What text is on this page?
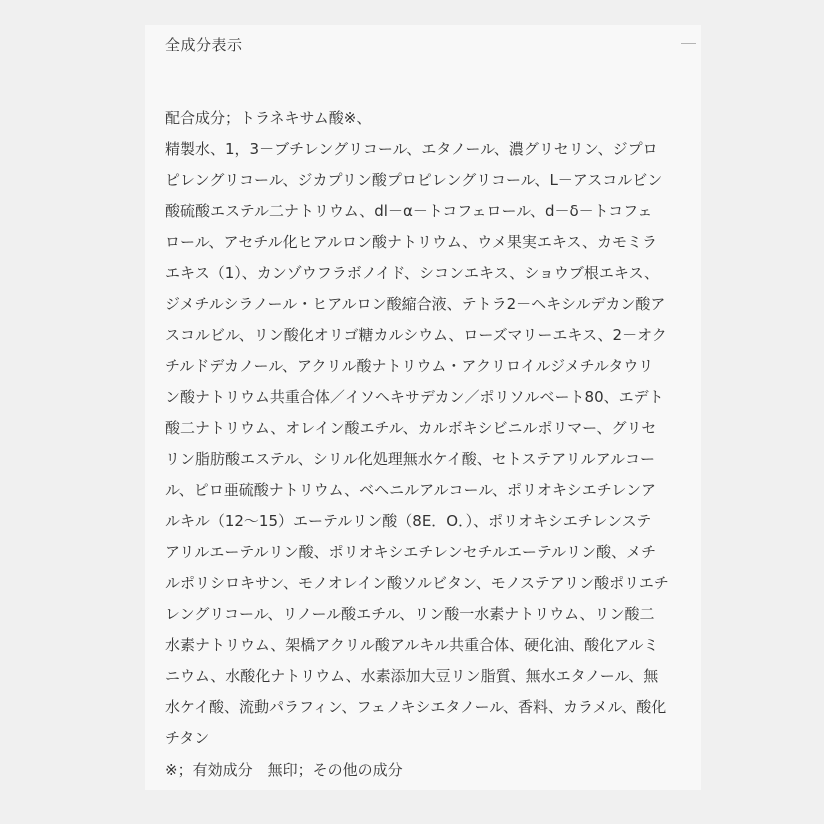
全成分表示
配合成分；トラネキサム酸※、
精製水、1，3－ブチレングリコール、エタノール、濃グリセリン、ジプロ
ピレングリコール、ジカプリン酸プロピレングリコール、L－アスコルビン
酸硫酸エステル二ナトリウム、dl－α－トコフェロール、d－δ－トコフェ
ロール、アセチル化ヒアルロン酸ナトリウム、ウメ果実エキス、カモミラ
エキス（1）、カンゾウフラボノイド、シコンエキス、ショウブ根エキス、
ジメチルシラノール・ヒアルロン酸縮合液、テトラ2－ヘキシルデカン酸ア
スコルビル、リン酸化オリゴ糖カルシウム、ローズマリーエキス、2－オク
チルドデカノール、アクリル酸ナトリウム・アクリロイルジメチルタウリ
ン酸ナトリウム共重合体／イソヘキサデカン／ポリソルベート80、エデト
酸二ナトリウム、オレイン酸エチル、カルボキシビニルポリマー、グリセ
リン脂肪酸エステル、シリル化処理無水ケイ酸、セトステアリルアルコー
ル、ピロ亜硫酸ナトリウム、ベヘニルアルコール、ポリオキシエチレンア
ルキル（12～15）エーテルリン酸（8E．O．）、ポリオキシエチレンステ
アリルエーテルリン酸、ポリオキシエチレンセチルエーテルリン酸、メチ
ルポリシロキサン、モノオレイン酸ソルビタン、モノステアリン酸ポリエチ
レングリコール、リノール酸エチル、リン酸一水素ナトリウム、リン酸二
水素ナトリウム、架橋アクリル酸アルキル共重合体、硬化油、酸化アルミ
ニウム、水酸化ナトリウム、水素添加大豆リン脂質、無水エタノール、無
水ケイ酸、流動パラフィン、フェノキシエタノール、香料、カラメル、酸化
チタン
※；有効成分　無印；その他の成分
